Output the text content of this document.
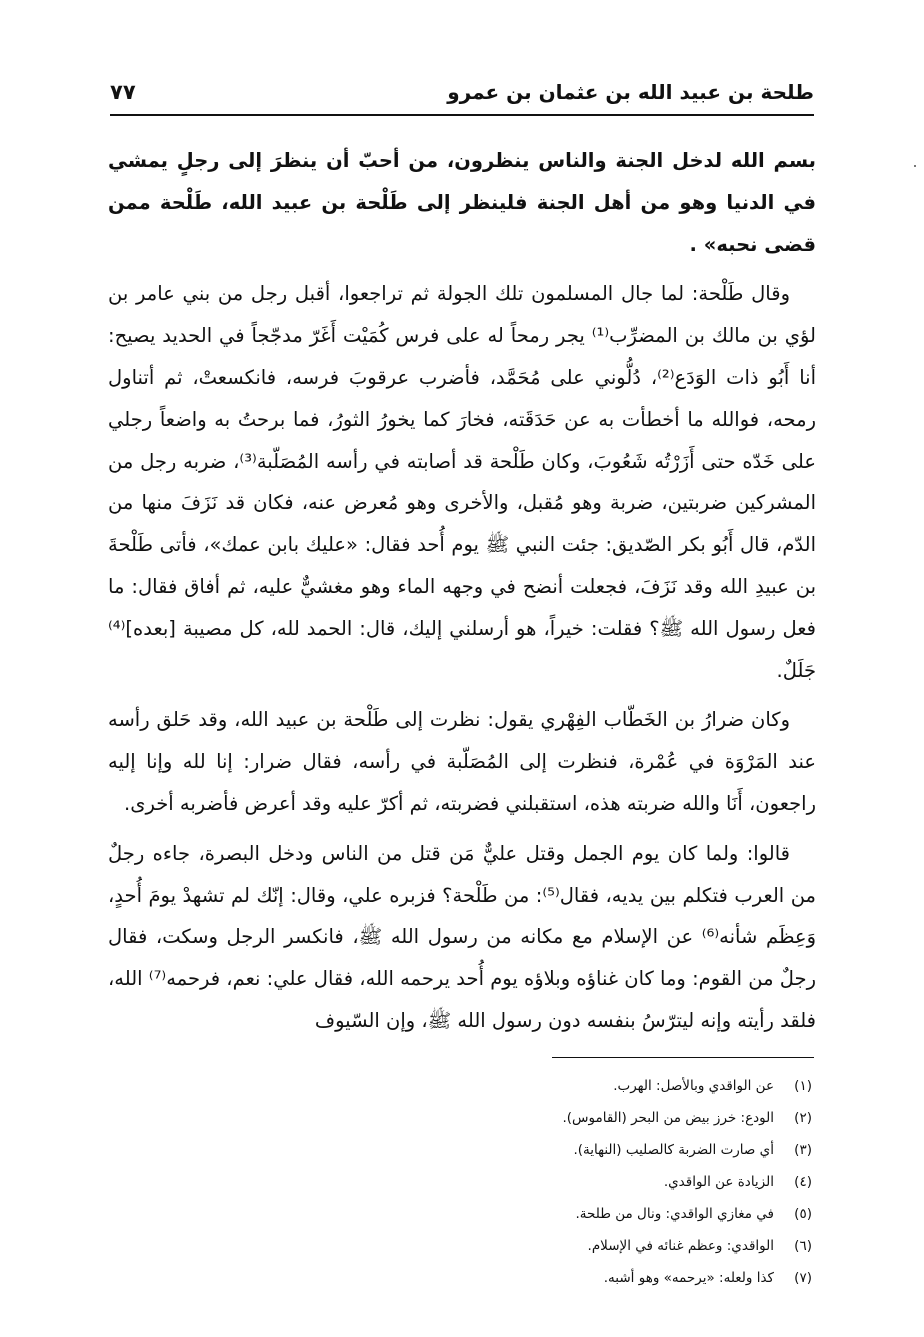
طلحة بن عبيد الله بن عثمان بن عمرو
٧٧

بسم الله لدخل الجنة والناس ينظرون، من أحبّ أن ينظرَ إلى رجلٍ يمشي في الدنيا وهو من أهل الجنة فلينظر إلى طَلْحة بن عبيد الله، طَلْحة ممن قضى نحبه» .

وقال طَلْحة: لما جال المسلمون تلك الجولة ثم تراجعوا، أقبل رجل من بني عامر بن لؤي بن مالك بن المضرِّب⁽¹⁾ يجر رمحاً له على فرس كُمَيْت أَغَرّ مدجّجاً في الحديد يصيح: أنا أَبُو ذات الوَدَع⁽²⁾، دُلُّوني على مُحَمَّد، فأضرب عرقوبَ فرسه، فانكسعتْ، ثم أتناول رمحه، فوالله ما أخطأت به عن حَدَقَته، فخارَ كما يخورُ الثورُ، فما برحتُ به واضعاً رجلي على خَدّه حتى أَزَرْتُه شَعُوبَ، وكان طَلْحة قد أصابته في رأسه المُصَلّبة⁽³⁾، ضربه رجل من المشركين ضربتين، ضربة وهو مُقبل، والأخرى وهو مُعرض عنه، فكان قد نَزَفَ منها من الدّم، قال أَبُو بكر الصّديق: جئت النبي ﷺ يوم أُحد فقال: «عليك بابن عمك»، فأتى طَلْحةَ بن عبيدِ الله وقد نَزَفَ، فجعلت أنضح في وجهه الماء وهو مغشيٌّ عليه، ثم أفاق فقال: ما فعل رسول الله ﷺ؟ فقلت: خيراً، هو أرسلني إليك، قال: الحمد لله، كل مصيبة [بعده]⁽⁴⁾ جَلَلٌ.

وكان ضرارُ بن الخَطّاب الفِهْري يقول: نظرت إلى طَلْحة بن عبيد الله، وقد حَلق رأسه عند المَرْوَة في عُمْرة، فنظرت إلى المُصَلّبة في رأسه، فقال ضرار: إنا لله وإنا إليه راجعون، أَنَا والله ضربته هذه، استقبلني فضربته، ثم أكرّ عليه وقد أعرض فأضربه أخرى.

قالوا: ولما كان يوم الجمل وقتل عليٌّ مَن قتل من الناس ودخل البصرة، جاءه رجلٌ من العرب فتكلم بين يديه، فقال⁽⁵⁾: من طَلْحة؟ فزبره علي، وقال: إنّك لم تشهدْ يومَ أُحدٍ، وَعِظَم شأنه⁽⁶⁾ عن الإسلام مع مكانه من رسول الله ﷺ، فانكسر الرجل وسكت، فقال رجلٌ من القوم: وما كان غناؤه وبلاؤه يوم أُحد يرحمه الله، فقال علي: نعم، فرحمه⁽⁷⁾ الله، فلقد رأيته وإنه ليترّسُ بنفسه دون رسول الله ﷺ، وإن السّيوف

(١)
عن الواقدي وبالأصل: الهرب.
(٢)
الودع: خرز بيض من البحر (القاموس).
(٣)
أي صارت الضربة كالصليب (النهاية).
(٤)
الزيادة عن الواقدي.
(٥)
في مغازي الواقدي: ونال من طلحة.
(٦)
الواقدي: وعظم غنائه في الإسلام.
(٧)
كذا ولعله: «يرحمه» وهو أشبه.
